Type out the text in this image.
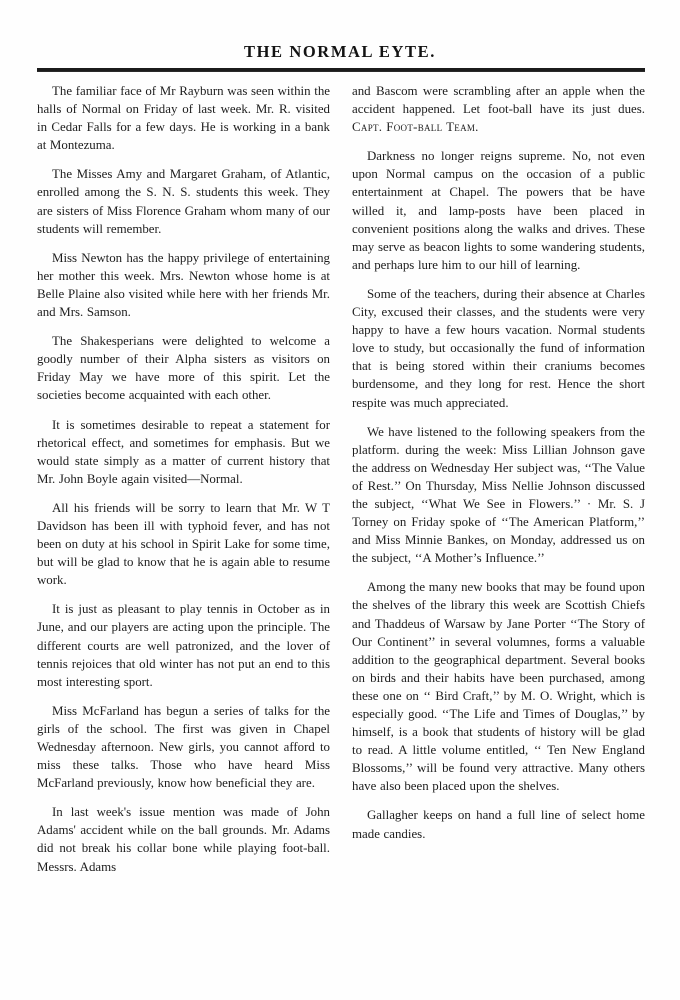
THE NORMAL EYTE.

The familiar face of Mr Rayburn was seen within the halls of Normal on Friday of last week. Mr. R. visited in Cedar Falls for a few days. He is working in a bank at Montezuma.

The Misses Amy and Margaret Graham, of Atlantic, enrolled among the S. N. S. students this week. They are sisters of Miss Florence Graham whom many of our students will remember.

Miss Newton has the happy privilege of entertaining her mother this week. Mrs. Newton whose home is at Belle Plaine also visited while here with her friends Mr. and Mrs. Samson.

The Shakesperians were delighted to welcome a goodly number of their Alpha sisters as visitors on Friday May we have more of this spirit. Let the societies become acquainted with each other.

It is sometimes desirable to repeat a statement for rhetorical effect, and sometimes for emphasis. But we would state simply as a matter of current history that Mr. John Boyle again visited—Normal.

All his friends will be sorry to learn that Mr. W T Davidson has been ill with typhoid fever, and has not been on duty at his school in Spirit Lake for some time, but will be glad to know that he is again able to resume work.

It is just as pleasant to play tennis in October as in June, and our players are acting upon the principle. The different courts are well patronized, and the lover of tennis rejoices that old winter has not put an end to this most interesting sport.

Miss McFarland has begun a series of talks for the girls of the school. The first was given in Chapel Wednesday afternoon. New girls, you cannot afford to miss these talks. Those who have heard Miss McFarland previously, know how beneficial they are.

In last week's issue mention was made of John Adams' accident while on the ball grounds. Mr. Adams did not break his collar bone while playing foot-ball. Messrs. Adams

and Bascom were scrambling after an apple when the accident happened. Let foot-ball have its just dues. Capt. Foot-ball Team.

Darkness no longer reigns supreme. No, not even upon Normal campus on the occasion of a public entertainment at Chapel. The powers that be have willed it, and lamp-posts have been placed in convenient positions along the walks and drives. These may serve as beacon lights to some wandering students, and perhaps lure him to our hill of learning.

Some of the teachers, during their absence at Charles City, excused their classes, and the students were very happy to have a few hours vacation. Normal students love to study, but occasionally the fund of information that is being stored within their craniums becomes burdensome, and they long for rest. Hence the short respite was much appreciated.

We have listened to the following speakers from the platform. during the week: Miss Lillian Johnson gave the address on Wednesday Her subject was, ‘‘The Value of Rest.’’ On Thursday, Miss Nellie Johnson discussed the subject, ‘‘What We See in Flowers.’’ · Mr. S. J Torney on Friday spoke of ‘‘The American Platform,’’ and Miss Minnie Bankes, on Monday, addressed us on the subject, ‘‘A Mother’s Influence.’’

Among the many new books that may be found upon the shelves of the library this week are Scottish Chiefs and Thaddeus of Warsaw by Jane Porter ‘‘The Story of Our Continent’’ in several volumnes, forms a valuable addition to the geographical department. Several books on birds and their habits have been purchased, among these one on ‘‘ Bird Craft,’’ by M. O. Wright, which is especially good. ‘‘The Life and Times of Douglas,’’ by himself, is a book that students of history will be glad to read. A little volume entitled, ‘‘ Ten New England Blossoms,’’ will be found very attractive. Many others have also been placed upon the shelves.

Gallagher keeps on hand a full line of select home made candies.
